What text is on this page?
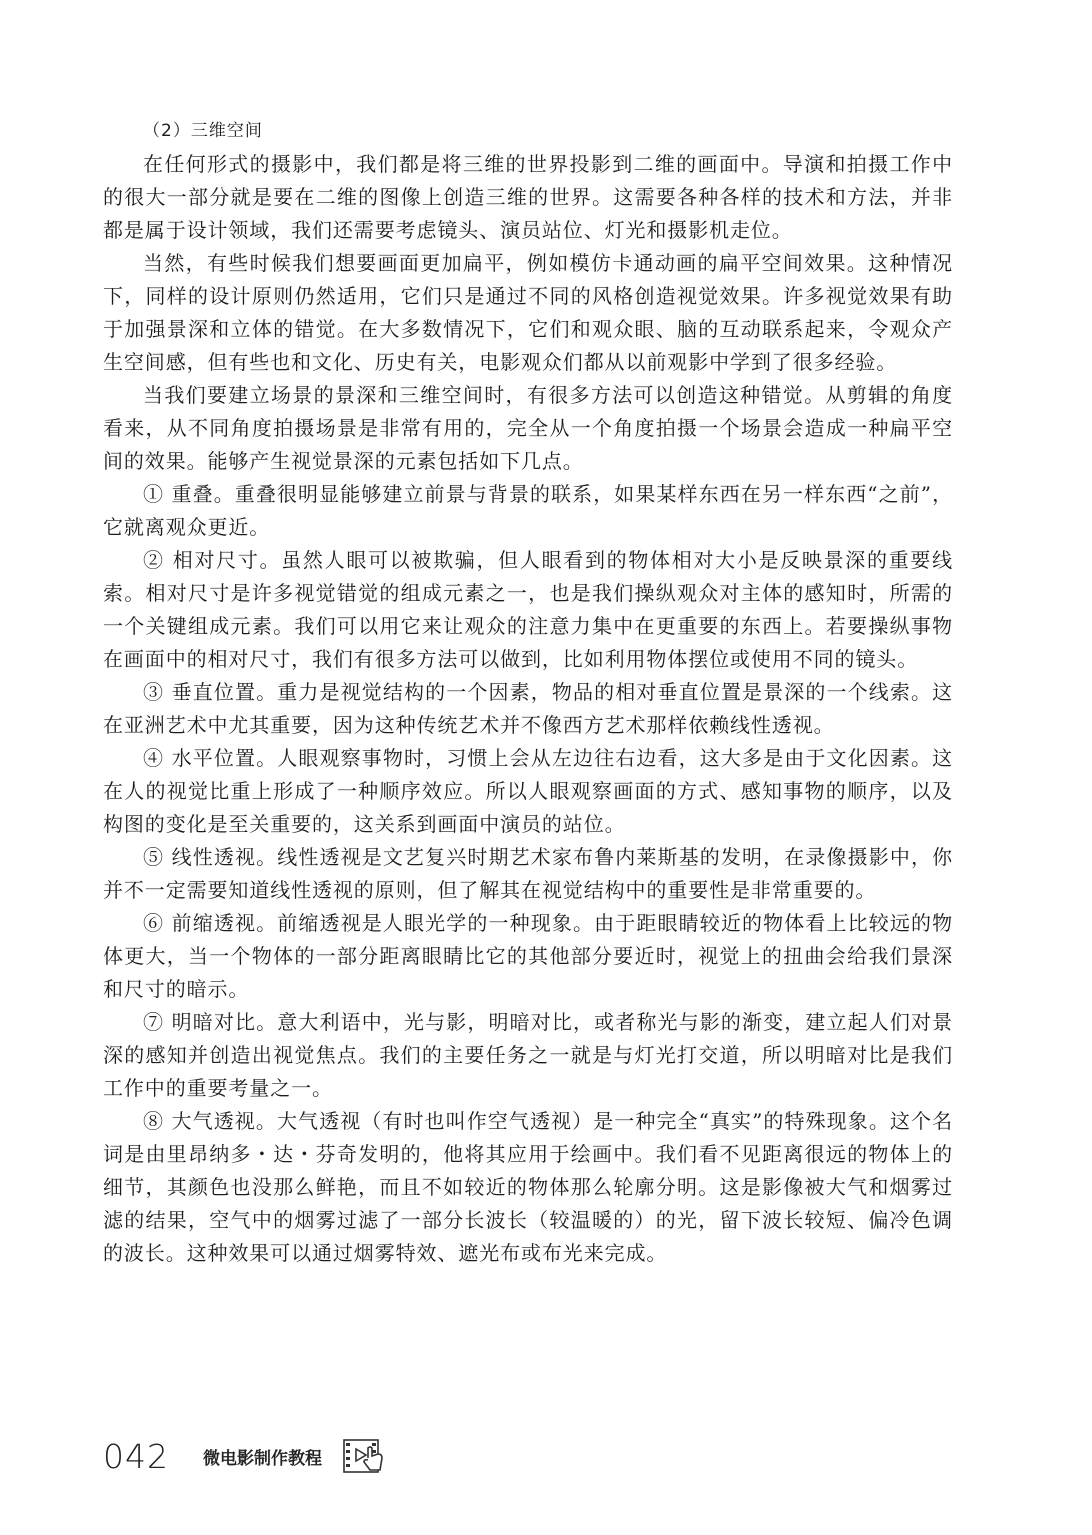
（2）三维空间

在任何形式的摄影中，我们都是将三维的世界投影到二维的画面中。导演和拍摄工作中的很大一部分就是要在二维的图像上创造三维的世界。这需要各种各样的技术和方法，并非都是属于设计领域，我们还需要考虑镜头、演员站位、灯光和摄影机走位。

当然，有些时候我们想要画面更加扁平，例如模仿卡通动画的扁平空间效果。这种情况下，同样的设计原则仍然适用，它们只是通过不同的风格创造视觉效果。许多视觉效果有助于加强景深和立体的错觉。在大多数情况下，它们和观众眼、脑的互动联系起来，令观众产生空间感，但有些也和文化、历史有关，电影观众们都从以前观影中学到了很多经验。

当我们要建立场景的景深和三维空间时，有很多方法可以创造这种错觉。从剪辑的角度看来，从不同角度拍摄场景是非常有用的，完全从一个角度拍摄一个场景会造成一种扁平空间的效果。能够产生视觉景深的元素包括如下几点。

① 重叠。重叠很明显能够建立前景与背景的联系，如果某样东西在另一样东西“之前”，它就离观众更近。

② 相对尺寸。虽然人眼可以被欺骗，但人眼看到的物体相对大小是反映景深的重要线索。相对尺寸是许多视觉错觉的组成元素之一，也是我们操纵观众对主体的感知时，所需的一个关键组成元素。我们可以用它来让观众的注意力集中在更重要的东西上。若要操纵事物在画面中的相对尺寸，我们有很多方法可以做到，比如利用物体摆位或使用不同的镜头。

③ 垂直位置。重力是视觉结构的一个因素，物品的相对垂直位置是景深的一个线索。这在亚洲艺术中尤其重要，因为这种传统艺术并不像西方艺术那样依赖线性透视。

④ 水平位置。人眼观察事物时，习惯上会从左边往右边看，这大多是由于文化因素。这在人的视觉比重上形成了一种顺序效应。所以人眼观察画面的方式、感知事物的顺序，以及构图的变化是至关重要的，这关系到画面中演员的站位。

⑤ 线性透视。线性透视是文艺复兴时期艺术家布鲁内莱斯基的发明，在录像摄影中，你并不一定需要知道线性透视的原则，但了解其在视觉结构中的重要性是非常重要的。

⑥ 前缩透视。前缩透视是人眼光学的一种现象。由于距眼睛较近的物体看上比较远的物体更大，当一个物体的一部分距离眼睛比它的其他部分要近时，视觉上的扭曲会给我们景深和尺寸的暗示。

⑦ 明暗对比。意大利语中，光与影，明暗对比，或者称光与影的渐变，建立起人们对景深的感知并创造出视觉焦点。我们的主要任务之一就是与灯光打交道，所以明暗对比是我们工作中的重要考量之一。

⑧ 大气透视。大气透视（有时也叫作空气透视）是一种完全“真实”的特殊现象。这个名词是由里昂纳多・达・芬奇发明的，他将其应用于绘画中。我们看不见距离很远的物体上的细节，其颜色也没那么鲜艳，而且不如较近的物体那么轮廓分明。这是影像被大气和烟雾过滤的结果，空气中的烟雾过滤了一部分长波长（较温暖的）的光，留下波长较短、偏冷色调的波长。这种效果可以通过烟雾特效、遮光布或布光来完成。

042 微电影制作教程
